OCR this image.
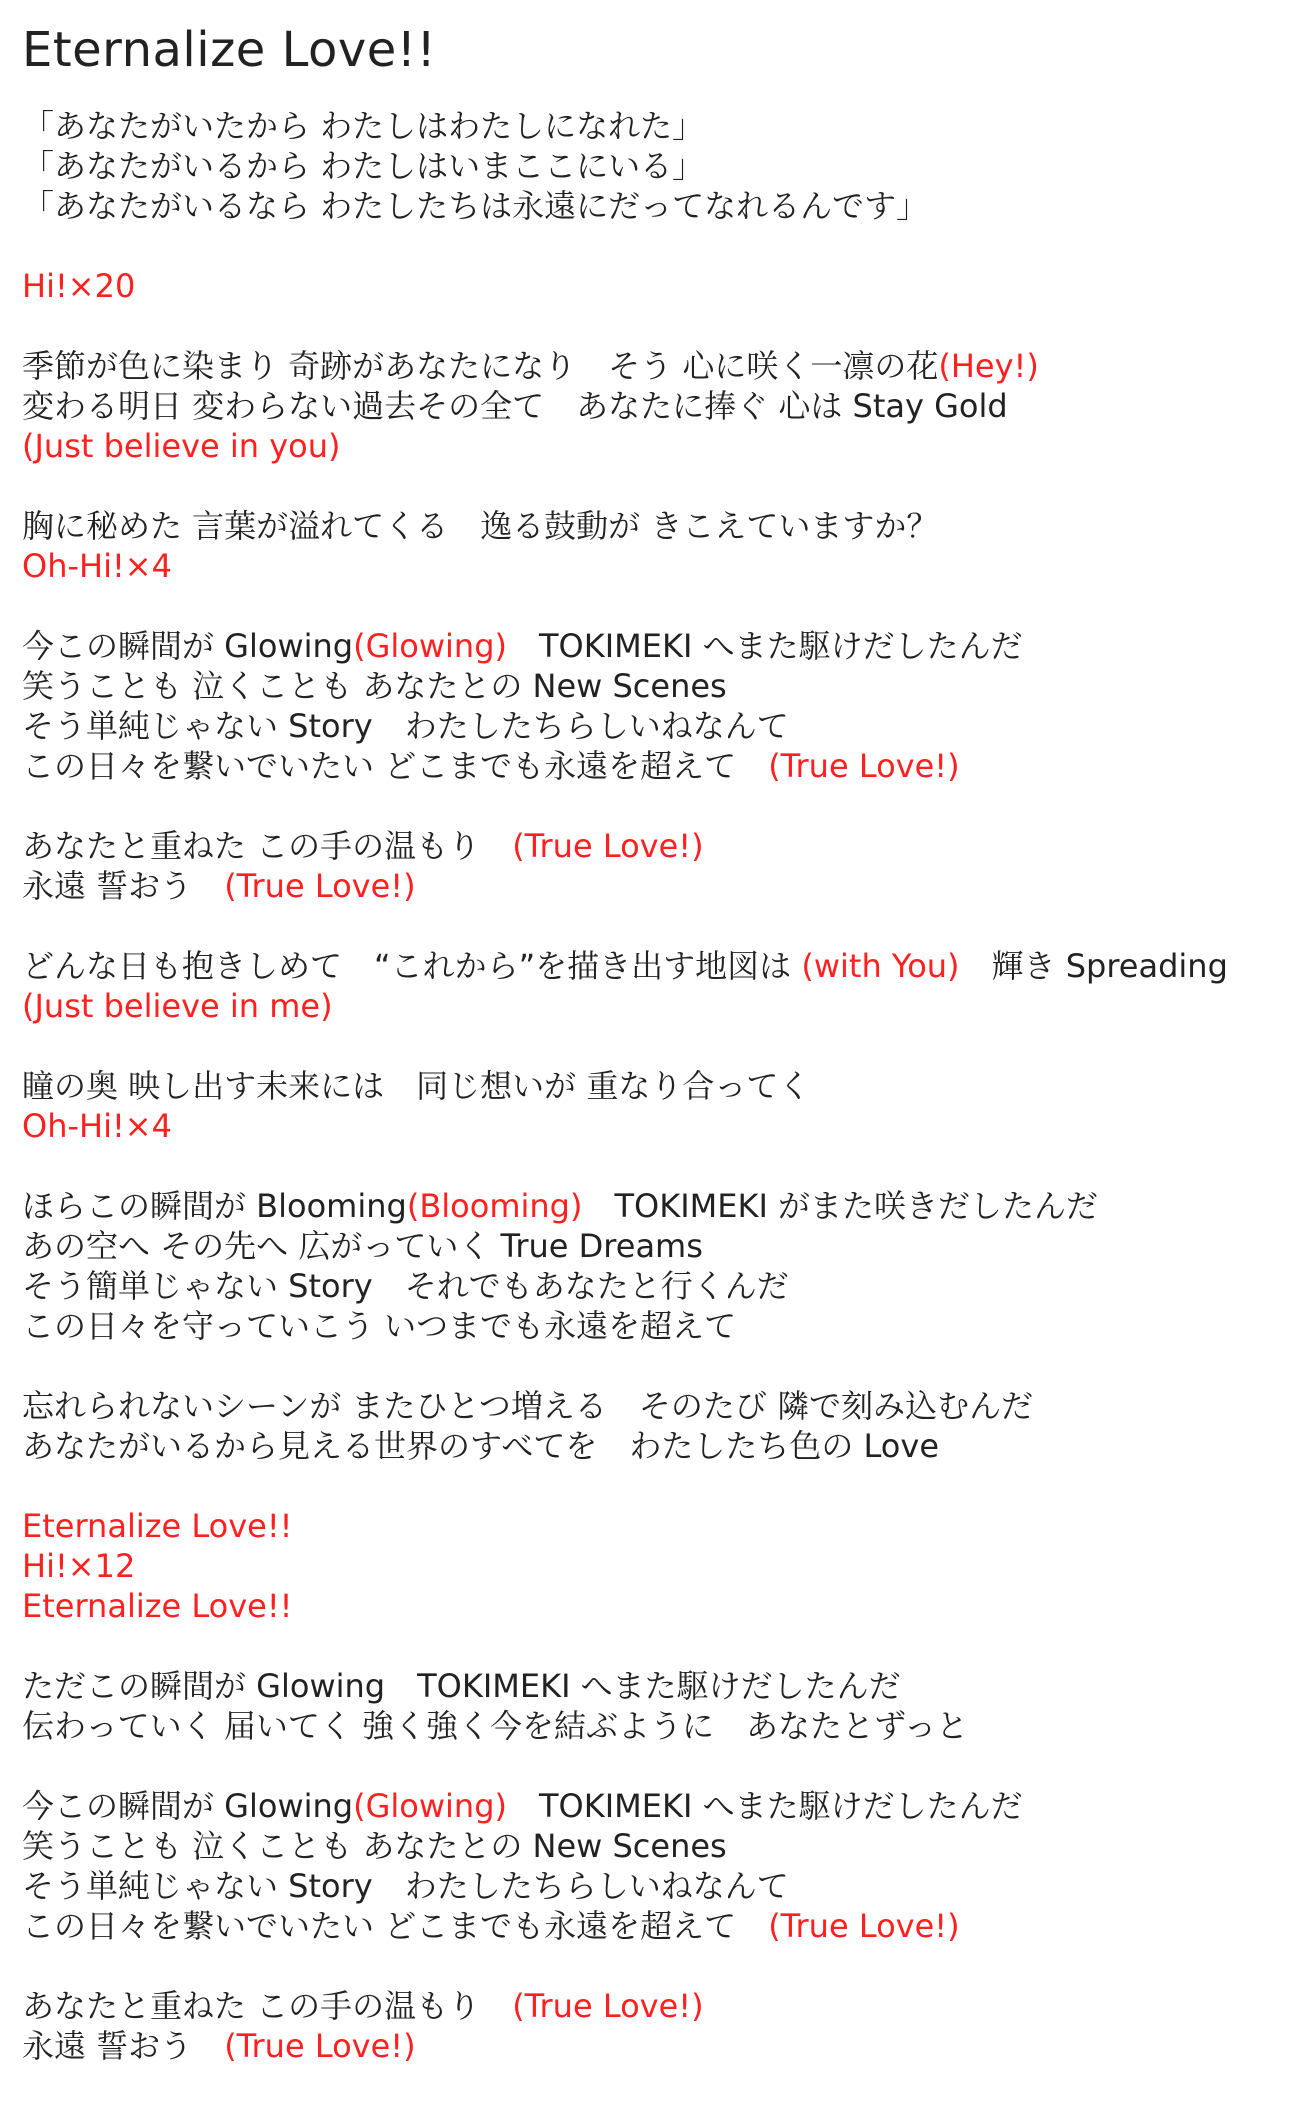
Eternalize Love!!
「あなたがいたから わたしはわたしになれた」
「あなたがいるから わたしはいまここにいる」
「あなたがいるなら わたしたちは永遠にだってなれるんです」
Hi!×20
季節が色に染まり 奇跡があなたになり　そう 心に咲く一凛の花(Hey!)
変わる明日 変わらない過去その全て　あなたに捧ぐ 心は Stay Gold
(Just believe in you)
胸に秘めた 言葉が溢れてくる　逸る鼓動が きこえていますか？
Oh-Hi!×4
今この瞬間が Glowing(Glowing)　TOKIMEKI へまた駆けだしたんだ
笑うことも 泣くことも あなたとの New Scenes
そう単純じゃない Story　わたしたちらしいねなんて
この日々を繋いでいたい どこまでも永遠を超えて　(True Love!)
あなたと重ねた この手の温もり　(True Love!)
永遠 誓おう　(True Love!)
どんな日も抱きしめて　“これから”を描き出す地図は (with You)　輝き Spreading
(Just believe in me)
瞳の奥 映し出す未来には　同じ想いが 重なり合ってく
Oh-Hi!×4
ほらこの瞬間が Blooming(Blooming)　TOKIMEKI がまた咲きだしたんだ
あの空へ その先へ 広がっていく True Dreams
そう簡単じゃない Story　それでもあなたと行くんだ
この日々を守っていこう いつまでも永遠を超えて
忘れられないシーンが またひとつ増える　そのたび 隣で刻み込むんだ
あなたがいるから見える世界のすべてを　わたしたち色の Love
Eternalize Love!!
Hi!×12
Eternalize Love!!
ただこの瞬間が Glowing　TOKIMEKI へまた駆けだしたんだ
伝わっていく 届いてく 強く強く今を結ぶように　あなたとずっと
今この瞬間が Glowing(Glowing)　TOKIMEKI へまた駆けだしたんだ
笑うことも 泣くことも あなたとの New Scenes
そう単純じゃない Story　わたしたちらしいねなんて
この日々を繋いでいたい どこまでも永遠を超えて　(True Love!)
あなたと重ねた この手の温もり　(True Love!)
永遠 誓おう　(True Love!)
